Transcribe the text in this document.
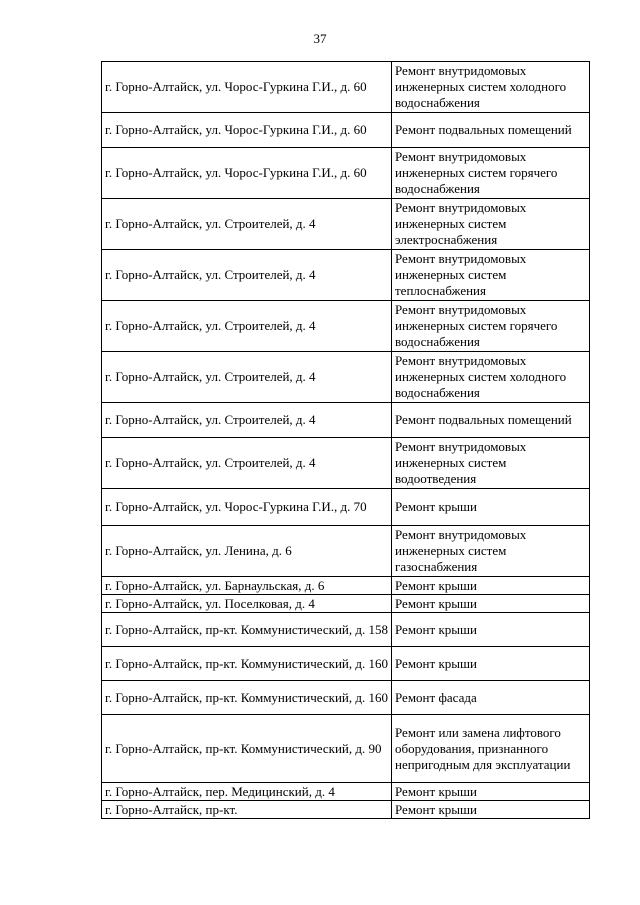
37
г. Горно-Алтайск, ул. Чорос-Гуркина Г.И., д. 60	Ремонт внутридомовых инженерных систем холодного водоснабжения
г. Горно-Алтайск, ул. Чорос-Гуркина Г.И., д. 60	Ремонт подвальных помещений
г. Горно-Алтайск, ул. Чорос-Гуркина Г.И., д. 60	Ремонт внутридомовых инженерных систем горячего водоснабжения
г. Горно-Алтайск, ул. Строителей, д. 4	Ремонт внутридомовых инженерных систем электроснабжения
г. Горно-Алтайск, ул. Строителей, д. 4	Ремонт внутридомовых инженерных систем теплоснабжения
г. Горно-Алтайск, ул. Строителей, д. 4	Ремонт внутридомовых инженерных систем горячего водоснабжения
г. Горно-Алтайск, ул. Строителей, д. 4	Ремонт внутридомовых инженерных систем холодного водоснабжения
г. Горно-Алтайск, ул. Строителей, д. 4	Ремонт подвальных помещений
г. Горно-Алтайск, ул. Строителей, д. 4	Ремонт внутридомовых инженерных систем водоотведения
г. Горно-Алтайск, ул. Чорос-Гуркина Г.И., д. 70	Ремонт крыши
г. Горно-Алтайск, ул. Ленина, д. 6	Ремонт внутридомовых инженерных систем газоснабжения
г. Горно-Алтайск, ул. Барнаульская, д. 6	Ремонт крыши
г. Горно-Алтайск, ул. Поселковая, д. 4	Ремонт крыши
г. Горно-Алтайск, пр-кт. Коммунистический, д. 158	Ремонт крыши
г. Горно-Алтайск, пр-кт. Коммунистический, д. 160	Ремонт крыши
г. Горно-Алтайск, пр-кт. Коммунистический, д. 160	Ремонт фасада
г. Горно-Алтайск, пр-кт. Коммунистический, д. 90	Ремонт или замена лифтового оборудования, признанного непригодным для эксплуатации
г. Горно-Алтайск, пер. Медицинский, д. 4	Ремонт крыши
г. Горно-Алтайск, пр-кт.	Ремонт крыши
